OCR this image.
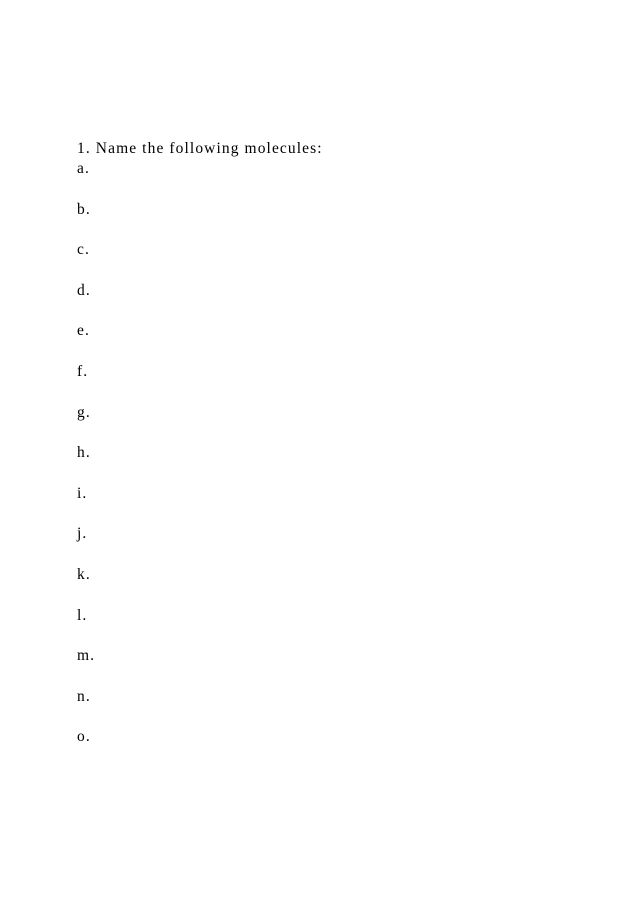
1. Name the following molecules:
a.
b.
c.
d.
e.
f.
g.
h.
i.
j.
k.
l.
m.
n.
o.
